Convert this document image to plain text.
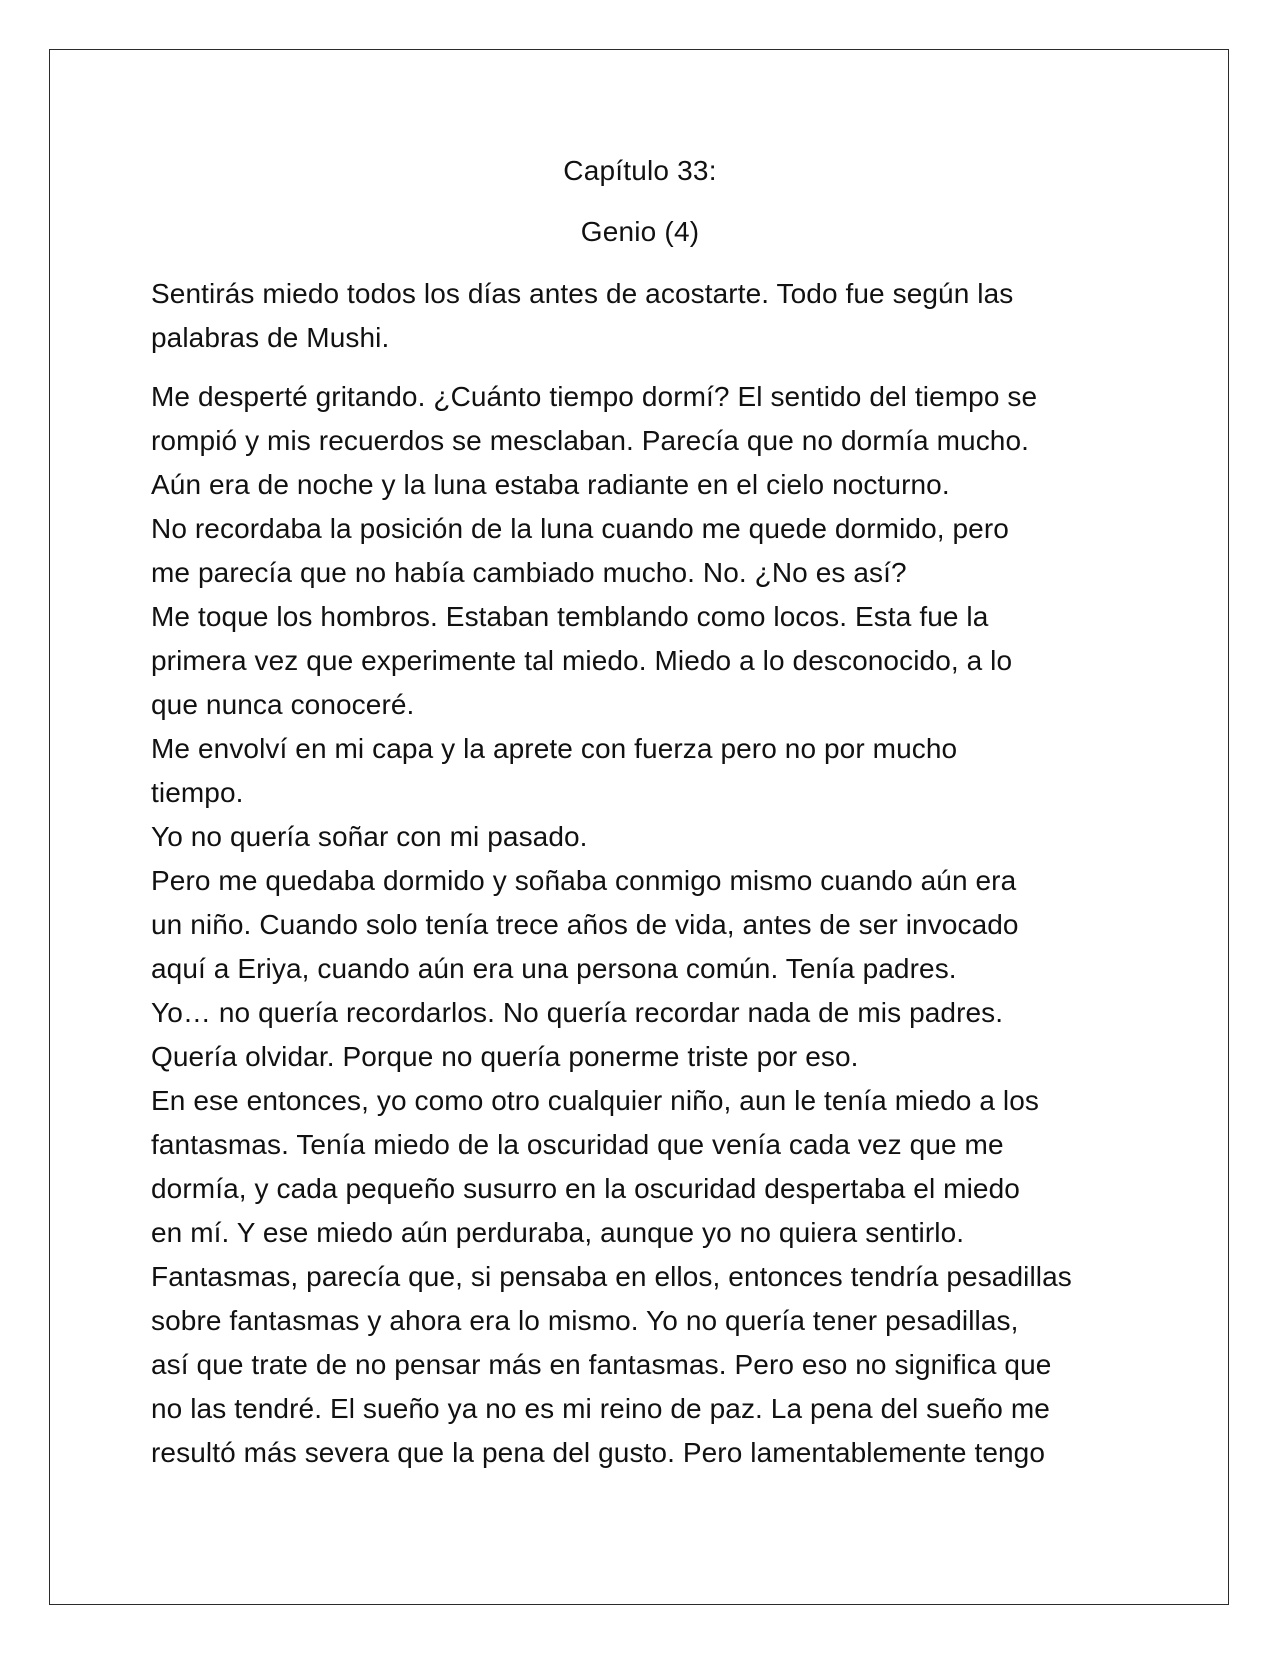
Capítulo 33:
Genio (4)

Sentirás miedo todos los días antes de acostarte. Todo fue según las
palabras de Mushi.

Me desperté gritando. ¿Cuánto tiempo dormí? El sentido del tiempo se
rompió y mis recuerdos se mesclaban. Parecía que no dormía mucho.
Aún era de noche y la luna estaba radiante en el cielo nocturno.
No recordaba la posición de la luna cuando me quede dormido, pero
me parecía que no había cambiado mucho. No. ¿No es así?
Me toque los hombros. Estaban temblando como locos. Esta fue la
primera vez que experimente tal miedo. Miedo a lo desconocido, a lo
que nunca conoceré.
Me envolví en mi capa y la aprete con fuerza pero no por mucho
tiempo.
Yo no quería soñar con mi pasado.
Pero me quedaba dormido y soñaba conmigo mismo cuando aún era
un niño. Cuando solo tenía trece años de vida, antes de ser invocado
aquí a Eriya, cuando aún era una persona común. Tenía padres.
Yo… no quería recordarlos. No quería recordar nada de mis padres.
Quería olvidar. Porque no quería ponerme triste por eso.
En ese entonces, yo como otro cualquier niño, aun le tenía miedo a los
fantasmas. Tenía miedo de la oscuridad que venía cada vez que me
dormía, y cada pequeño susurro en la oscuridad despertaba el miedo
en mí. Y ese miedo aún perduraba, aunque yo no quiera sentirlo.
Fantasmas, parecía que, si pensaba en ellos, entonces tendría pesadillas
sobre fantasmas y ahora era lo mismo. Yo no quería tener pesadillas,
así que trate de no pensar más en fantasmas. Pero eso no significa que
no las tendré. El sueño ya no es mi reino de paz. La pena del sueño me
resultó más severa que la pena del gusto. Pero lamentablemente tengo
